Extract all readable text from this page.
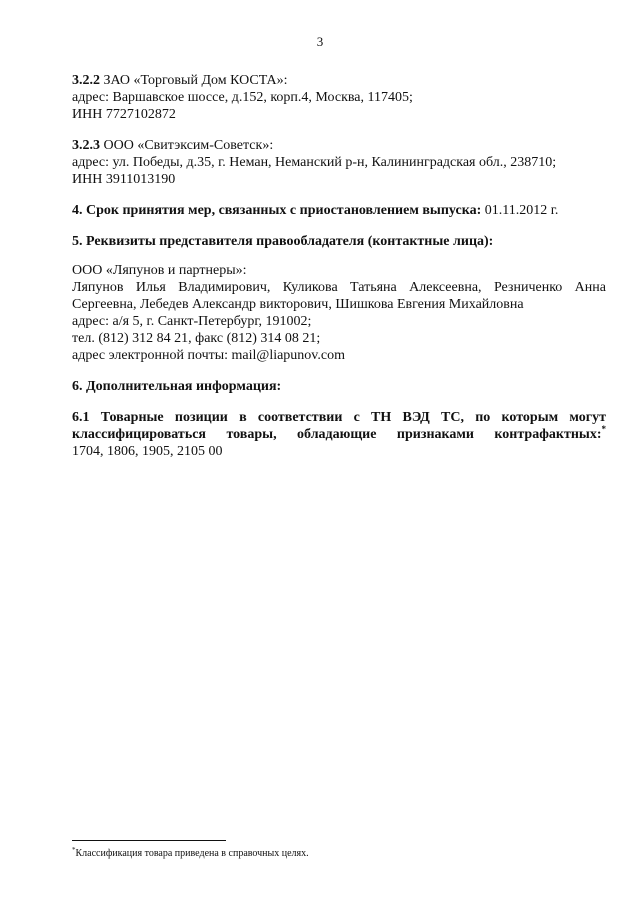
3
3.2.2 ЗАО «Торговый Дом КОСТА»:
адрес: Варшавское шоссе, д.152, корп.4, Москва, 117405;
ИНН 7727102872
3.2.3 ООО «Свитэксим-Советск»:
адрес: ул. Победы, д.35, г. Неман, Неманский р-н, Калининградская обл., 238710;
ИНН 3911013190
4. Срок принятия мер, связанных с приостановлением выпуска: 01.11.2012 г.
5. Реквизиты представителя правообладателя (контактные лица):
ООО «Ляпунов и партнеры»:
Ляпунов Илья Владимирович, Куликова Татьяна Алексеевна, Резниченко Анна
Сергеевна, Лебедев Александр викторович, Шишкова Евгения Михайловна
адрес: а/я 5, г. Санкт-Петербург, 191002;
тел. (812) 312 84 21, факс (812) 314 08 21;
адрес электронной почты: mail@liapunov.com
6. Дополнительная информация:
6.1 Товарные позиции в соответствии с ТН ВЭД ТС, по которым могут
классифицироваться товары, обладающие признаками контрафактных:*
1704, 1806, 1905, 2105 00
*Классификация товара приведена в справочных целях.
